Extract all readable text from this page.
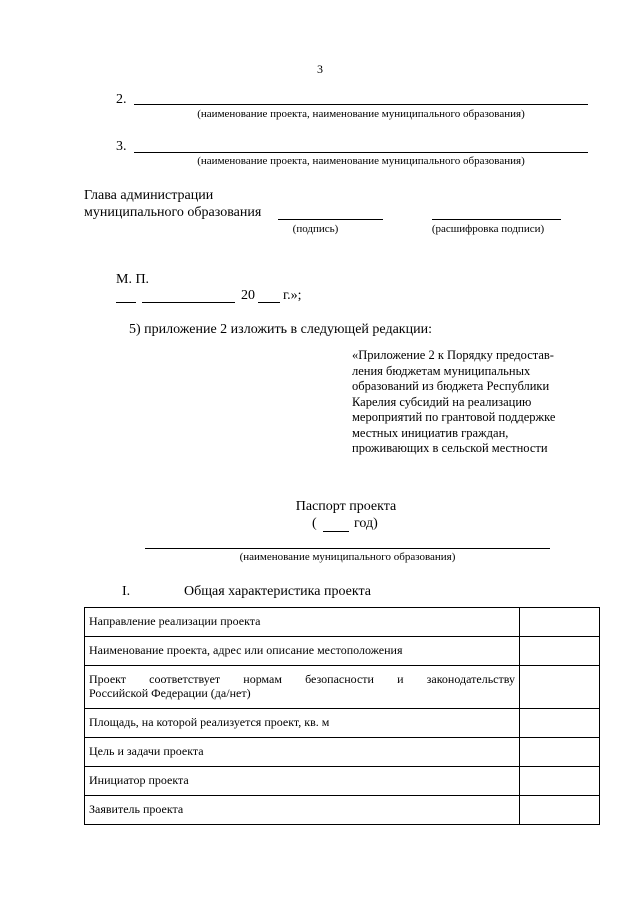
3
2.
(наименование проекта, наименование муниципального образования)
3.
(наименование проекта, наименование муниципального образования)
Глава администрации
муниципального образования
(подпись)	(расшифровка подписи)
М. П.
20 г.»;
5) приложение 2 изложить в следующей редакции:
«Приложение 2 к Порядку предостав-
ления бюджетам муниципальных
образований из бюджета Республики
Карелия субсидий на реализацию
мероприятий по грантовой поддержке
местных инициатив граждан,
проживающих в сельской местности
Паспорт проекта
(	год)
(наименование муниципального образования)
I.	Общая характеристика проекта
Направление реализации проекта	
Наименование проекта, адрес или описание местоположения	

Проект соответствует нормам безопасности и законодательству
Российской Федерации (да/нет)	
Площадь, на которой реализуется проект, кв. м	
Цель и задачи проекта	
Инициатор проекта	
Заявитель проекта	
